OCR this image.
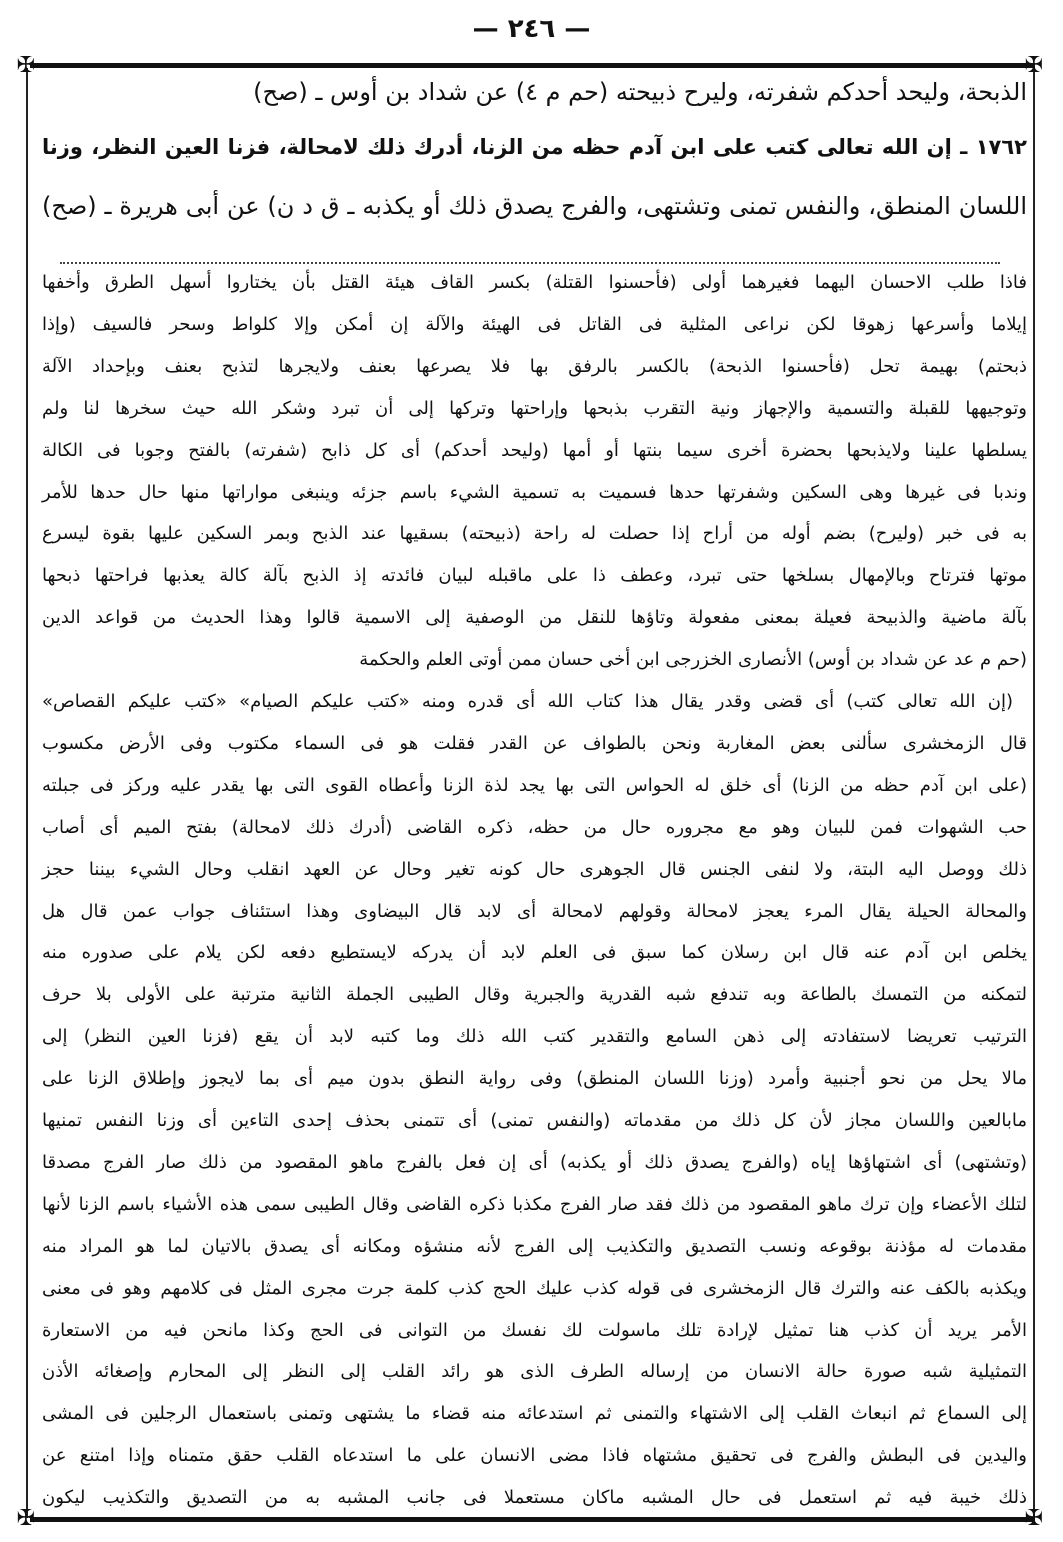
— ٢٤٦ —
✠	✠
✠	✠
الذبحة، وليحد أحدكم شفرته، وليرح ذبيحته (حم م ٤) عن شداد بن أوس ـ (صح)
١٧٦٢ ـ إن الله تعالى كتب على ابن آدم حظه من الزنا، أدرك ذلك لامحالة، فزنا العين النظر، وزنا
اللسان المنطق، والنفس تمنى وتشتهى، والفرج يصدق ذلك أو يكذبه ـ ق د ن) عن أبى هريرة ـ (صح)
فاذا طلب الاحسان اليهما فغيرهما أولى (فأحسنوا القتلة) بكسر القاف هيئة القتل بأن يختاروا أسهل الطرق وأخفها
إيلاما وأسرعها زهوقا لكن نراعى المثلية فى القاتل فى الهيئة والآلة إن أمكن وإلا كلواط وسحر فالسيف (وإذا
ذبحتم) بهيمة تحل (فأحسنوا الذبحة) بالكسر بالرفق بها فلا يصرعها بعنف ولايجرها لتذبح بعنف وبإحداد الآلة
وتوجيهها للقبلة والتسمية والإجهاز ونية التقرب بذبحها وإراحتها وتركها إلى أن تبرد وشكر الله حيث سخرها لنا ولم
يسلطها علينا ولايذبحها بحضرة أخرى سيما بنتها أو أمها (وليحد أحدكم) أى كل ذابح (شفرته) بالفتح وجوبا فى الكالة
وندبا فى غيرها وهى السكين وشفرتها حدها فسميت به تسمية الشيء باسم جزئه وينبغى مواراتها منها حال حدها للأمر
به فى خبر (وليرح) بضم أوله من أراح إذا حصلت له راحة (ذبيحته) بسقيها عند الذبح وبمر السكين عليها بقوة ليسرع
موتها فترتاح وبالإمهال بسلخها حتى تبرد، وعطف ذا على ماقبله لبيان فائدته إذ الذبح بآلة كالة يعذبها فراحتها ذبحها
بآلة ماضية والذبيحة فعيلة بمعنى مفعولة وتاؤها للنقل من الوصفية إلى الاسمية قالوا وهذا الحديث من قواعد الدين
(حم م عد عن شداد بن أوس) الأنصارى الخزرجى ابن أخى حسان ممن أوتى العلم والحكمة
(إن الله تعالى كتب) أى قضى وقدر يقال هذا كتاب الله أى قدره ومنه «كتب عليكم الصيام» «كتب عليكم القصاص»
قال الزمخشرى سألنى بعض المغاربة ونحن بالطواف عن القدر فقلت هو فى السماء مكتوب وفى الأرض مكسوب
(على ابن آدم حظه من الزنا) أى خلق له الحواس التى بها يجد لذة الزنا وأعطاه القوى التى بها يقدر عليه وركز فى جبلته
حب الشهوات فمن للبيان وهو مع مجروره حال من حظه، ذكره القاضى (أدرك ذلك لامحالة) بفتح الميم أى أصاب
ذلك ووصل اليه البتة، ولا لنفى الجنس قال الجوهرى حال كونه تغير وحال عن العهد انقلب وحال الشيء بيننا حجز
والمحالة الحيلة يقال المرء يعجز لامحالة وقولهم لامحالة أى لابد قال البيضاوى وهذا استئناف جواب عمن قال هل
يخلص ابن آدم عنه قال ابن رسلان كما سبق فى العلم لابد أن يدركه لايستطيع دفعه لكن يلام على صدوره منه
لتمكنه من التمسك بالطاعة وبه تندفع شبه القدرية والجبرية وقال الطيبى الجملة الثانية مترتبة على الأولى بلا حرف
الترتيب تعريضا لاستفادته إلى ذهن السامع والتقدير كتب الله ذلك وما كتبه لابد أن يقع (فزنا العين النظر) إلى
مالا يحل من نحو أجنبية وأمرد (وزنا اللسان المنطق) وفى رواية النطق بدون ميم أى بما لايجوز وإطلاق الزنا على
مابالعين واللسان مجاز لأن كل ذلك من مقدماته (والنفس تمنى) أى تتمنى بحذف إحدى التاءين أى وزنا النفس تمنيها
(وتشتهى) أى اشتهاؤها إياه (والفرج يصدق ذلك أو يكذبه) أى إن فعل بالفرج ماهو المقصود من ذلك صار الفرج مصدقا
لتلك الأعضاء وإن ترك ماهو المقصود من ذلك فقد صار الفرج مكذبا ذكره القاضى وقال الطيبى سمى هذه الأشياء باسم الزنا لأنها
مقدمات له مؤذنة بوقوعه ونسب التصديق والتكذيب إلى الفرج لأنه منشؤه ومكانه أى يصدق بالاتيان لما هو المراد منه
ويكذبه بالكف عنه والترك قال الزمخشرى فى قوله كذب عليك الحج كذب كلمة جرت مجرى المثل فى كلامهم وهو فى معنى
الأمر يريد أن كذب هنا تمثيل لإرادة تلك ماسولت لك نفسك من التوانى فى الحج وكذا مانحن فيه من الاستعارة
التمثيلية شبه صورة حالة الانسان من إرساله الطرف الذى هو رائد القلب إلى النظر إلى المحارم وإصغائه الأذن
إلى السماع ثم انبعاث القلب إلى الاشتهاء والتمنى ثم استدعائه منه قضاء ما يشتهى وتمنى باستعمال الرجلين فى المشى
واليدين فى البطش والفرج فى تحقيق مشتهاه فاذا مضى الانسان على ما استدعاه القلب حقق متمناه وإذا امتنع عن
ذلك خيبة فيه ثم استعمل فى حال المشبه ماكان مستعملا فى جانب المشبه به من التصديق والتكذيب ليكون
